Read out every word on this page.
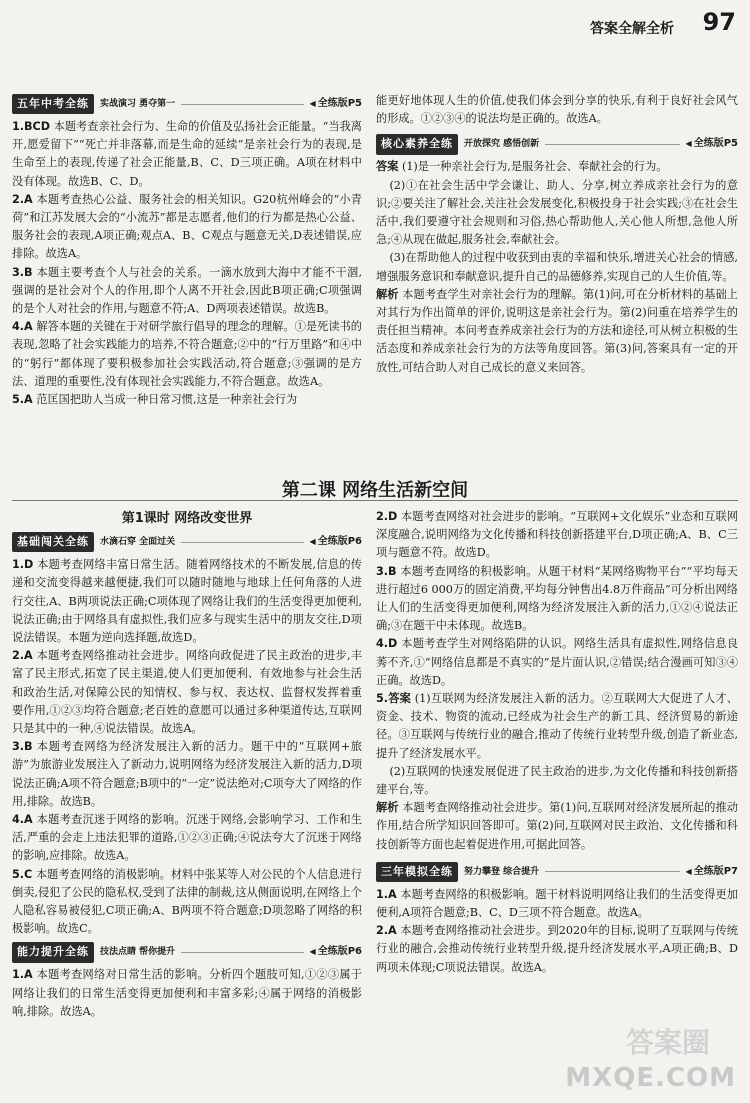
答案全解全析 97
五年中考全练	实战演习 勇夺第一	◀ 全练版P5

1.BCD 本题考查亲社会行为、生命的价值及弘扬社会正能量。“当我离开,愿爱留下”“死亡并非落幕,而是生命的延续”是亲社会行为的表现,是生命至上的表现,传递了社会正能量,B、C、D三项正确。A项在材料中没有体现。故选B、C、D。

2.A 本题考查热心公益、服务社会的相关知识。G20杭州峰会的“小青荷”和江苏发展大会的“小流苏”都是志愿者,他们的行为都是热心公益、服务社会的表现,A项正确;观点A、B、C观点与题意无关,D表述错误,应排除。故选A。

3.B 本题主要考查个人与社会的关系。一滴水放到大海中才能不干涸,强调的是社会对个人的作用,即个人离不开社会,因此B项正确;C项强调的是个人对社会的作用,与题意不符;A、D两项表述错误。故选B。

4.A 解答本题的关键在于对研学旅行倡导的理念的理解。①是死读书的表现,忽略了社会实践能力的培养,不符合题意;②中的“行万里路”和④中的“躬行”都体现了要积极参加社会实践活动,符合题意;③强调的是方法、道理的重要性,没有体现社会实践能力,不符合题意。故选A。

5.A 范匡国把助人当成一种日常习惯,这是一种亲社会行为

能更好地体现人生的价值,使我们体会到分享的快乐,有利于良好社会风气的形成。①②③④的说法均是正确的。故选A。

核心素养全练	开放探究 感悟创新	◀ 全练版P5

答案 (1)是一种亲社会行为,是服务社会、奉献社会的行为。

(2)①在社会生活中学会谦让、助人、分享,树立养成亲社会行为的意识;②要关注了解社会,关注社会发展变化,积极投身于社会实践;③在社会生活中,我们要遵守社会规则和习俗,热心帮助他人,关心他人所想,急他人所急;④从现在做起,服务社会,奉献社会。

(3)在帮助他人的过程中收获到由衷的幸福和快乐,增进关心社会的情感,增强服务意识和奉献意识,提升自己的品德修养,实现自己的人生价值,等。

解析 本题考查学生对亲社会行为的理解。第(1)问,可在分析材料的基础上对其行为作出简单的评价,说明这是亲社会行为。第(2)问重在培养学生的责任担当精神。本问考查养成亲社会行为的方法和途径,可从树立积极的生活态度和养成亲社会行为的方法等角度回答。第(3)问,答案具有一定的开放性,可结合助人对自己成长的意义来回答。

第二课 网络生活新空间
第1课时 网络改变世界
基础闯关全练	水滴石穿 全面过关	◀ 全练版P6

1.D 本题考查网络丰富日常生活。随着网络技术的不断发展,信息的传递和交流变得越来越便捷,我们可以随时随地与地球上任何角落的人进行交往,A、B两项说法正确;C项体现了网络让我们的生活变得更加便利,说法正确;由于网络具有虚拟性,我们应多与现实生活中的朋友交往,D项说法错误。本题为逆向选择题,故选D。

2.A 本题考查网络推动社会进步。网络向政促进了民主政治的进步,丰富了民主形式,拓宽了民主渠道,使人们更加便利、有效地参与社会生活和政治生活,对保障公民的知情权、参与权、表达权、监督权发挥着重要作用,①②③均符合题意;老百姓的意愿可以通过多种渠道传达,互联网只是其中的一种,④说法错误。故选A。

3.B 本题考查网络为经济发展注入新的活力。题干中的“互联网+旅游”为旅游业发展注入了新动力,说明网络为经济发展注入新的活力,D项说法正确;A项不符合题意;B项中的“一定”说法绝对;C项夸大了网络的作用,排除。故选B。

4.A 本题考查沉迷于网络的影响。沉迷于网络,会影响学习、工作和生活,严重的会走上违法犯罪的道路,①②③正确;④说法夸大了沉迷于网络的影响,应排除。故选A。

5.C 本题考查网络的消极影响。材料中张某等人对公民的个人信息进行倒卖,侵犯了公民的隐私权,受到了法律的制裁,这从侧面说明,在网络上个人隐私容易被侵犯,C项正确;A、B两项不符合题意;D项忽略了网络的积极影响。故选C。

能力提升全练	技法点睛 帮你提升	◀ 全练版P6

1.A 本题考查网络对日常生活的影响。分析四个题肢可知,①②③属于网络让我们的日常生活变得更加便利和丰富多彩;④属于网络的消极影响,排除。故选A。

2.D 本题考查网络对社会进步的影响。“互联网+文化娱乐”业态和互联网深度融合,说明网络为文化传播和科技创新搭建平台,D项正确;A、B、C三项与题意不符。故选D。

3.B 本题考查网络的积极影响。从题干材料“某网络购物平台”“平均每天进行超过6 000万的固定消费,平均每分钟售出4.8万件商品”可分析出网络让人们的生活变得更加便利,网络为经济发展注入新的活力,①②④说法正确;③在题干中未体现。故选B。

4.D 本题考查学生对网络陷阱的认识。网络生活具有虚拟性,网络信息良莠不齐,①“网络信息都是不真实的”是片面认识,②错误;结合漫画可知③④正确。故选D。

5.答案 (1)互联网为经济发展注入新的活力。②互联网大大促进了人才、资金、技术、物资的流动,已经成为社会生产的新工具、经济贸易的新途径。③互联网与传统行业的融合,推动了传统行业转型升级,创造了新业态,提升了经济发展水平。

(2)互联网的快速发展促进了民主政治的进步,为文化传播和科技创新搭建平台,等。

解析 本题考查网络推动社会进步。第(1)问,互联网对经济发展所起的推动作用,结合所学知识回答即可。第(2)问,互联网对民主政治、文化传播和科技创新等方面也起着促进作用,可据此回答。

三年模拟全练	努力攀登 综合提升	◀ 全练版P7

1.A 本题考查网络的积极影响。题干材料说明网络让我们的生活变得更加便利,A项符合题意;B、C、D三项不符合题意。故选A。

2.A 本题考查网络推动社会进步。到2020年的目标,说明了互联网与传统行业的融合,会推动传统行业转型升级,提升经济发展水平,A项正确;B、D两项未体现;C项说法错误。故选A。

答案圈
MXQE.COM
